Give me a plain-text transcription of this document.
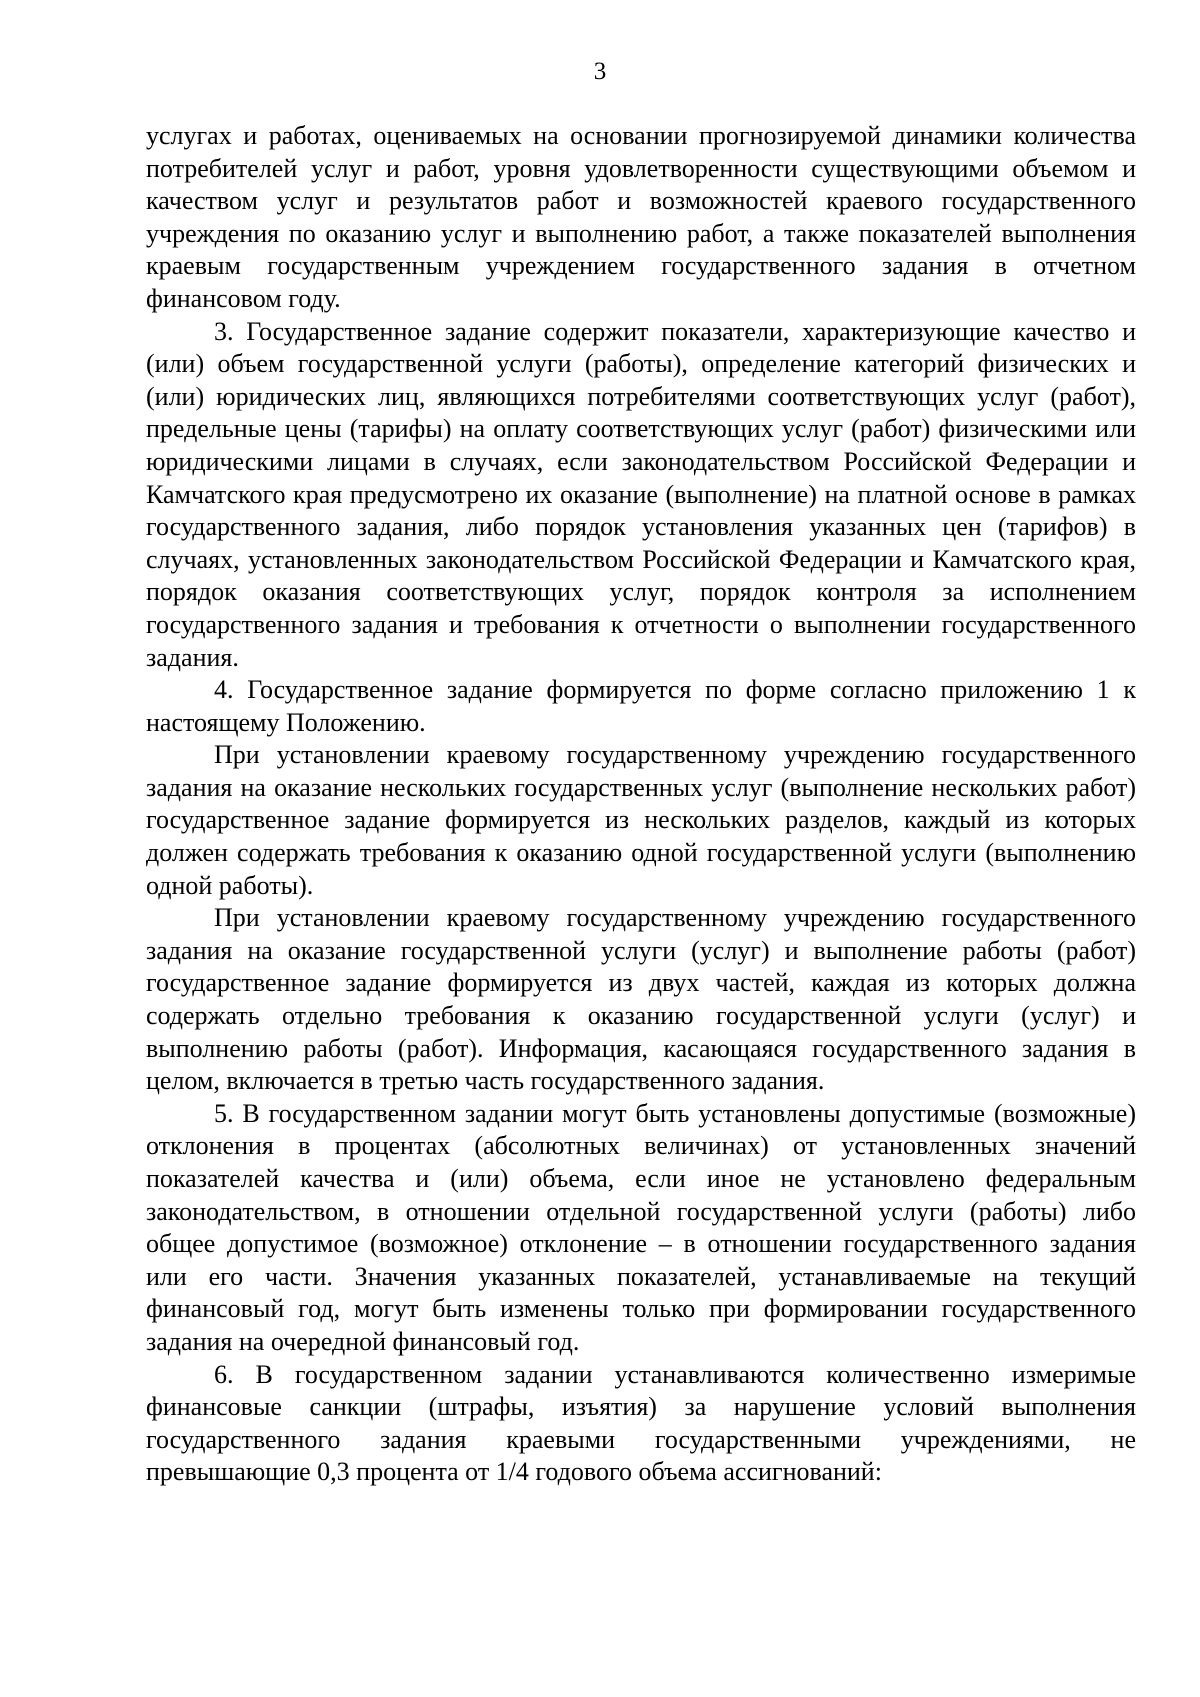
3

услугах и работах, оцениваемых на основании прогнозируемой динамики количества потребителей услуг и работ, уровня удовлетворенности существующими объемом и качеством услуг и результатов работ и возможностей краевого государственного учреждения по оказанию услуг и выполнению работ, а также показателей выполнения краевым государственным учреждением государственного задания в отчетном финансовом году.

3. Государственное задание содержит показатели, характеризующие качество и (или) объем государственной услуги (работы), определение категорий физических и (или) юридических лиц, являющихся потребителями соответствующих услуг (работ), предельные цены (тарифы) на оплату соответствующих услуг (работ) физическими или юридическими лицами в случаях, если законодательством Российской Федерации и Камчатского края предусмотрено их оказание (выполнение) на платной основе в рамках государственного задания, либо порядок установления указанных цен (тарифов) в случаях, установленных законодательством Российской Федерации и Камчатского края, порядок оказания соответствующих услуг, порядок контроля за исполнением государственного задания и требования к отчетности о выполнении государственного задания.

4. Государственное задание формируется по форме согласно приложению 1 к настоящему Положению.

При установлении краевому государственному учреждению государственного задания на оказание нескольких государственных услуг (выполнение нескольких работ) государственное задание формируется из нескольких разделов, каждый из которых должен содержать требования к оказанию одной государственной услуги (выполнению одной работы).

При установлении краевому государственному учреждению государственного задания на оказание государственной услуги (услуг) и выполнение работы (работ) государственное задание формируется из двух частей, каждая из которых должна содержать отдельно требования к оказанию государственной услуги (услуг) и выполнению работы (работ). Информация, касающаяся государственного задания в целом, включается в третью часть государственного задания.

5. В государственном задании могут быть установлены допустимые (возможные) отклонения в процентах (абсолютных величинах) от установленных значений показателей качества и (или) объема, если иное не установлено федеральным законодательством, в отношении отдельной государственной услуги (работы) либо общее допустимое (возможное) отклонение – в отношении государственного задания или его части. Значения указанных показателей, устанавливаемые на текущий финансовый год, могут быть изменены только при формировании государственного задания на очередной финансовый год.

6. В государственном задании устанавливаются количественно измеримые финансовые санкции (штрафы, изъятия) за нарушение условий выполнения государственного задания краевыми государственными учреждениями, не превышающие 0,3 процента от 1/4 годового объема ассигнований:
